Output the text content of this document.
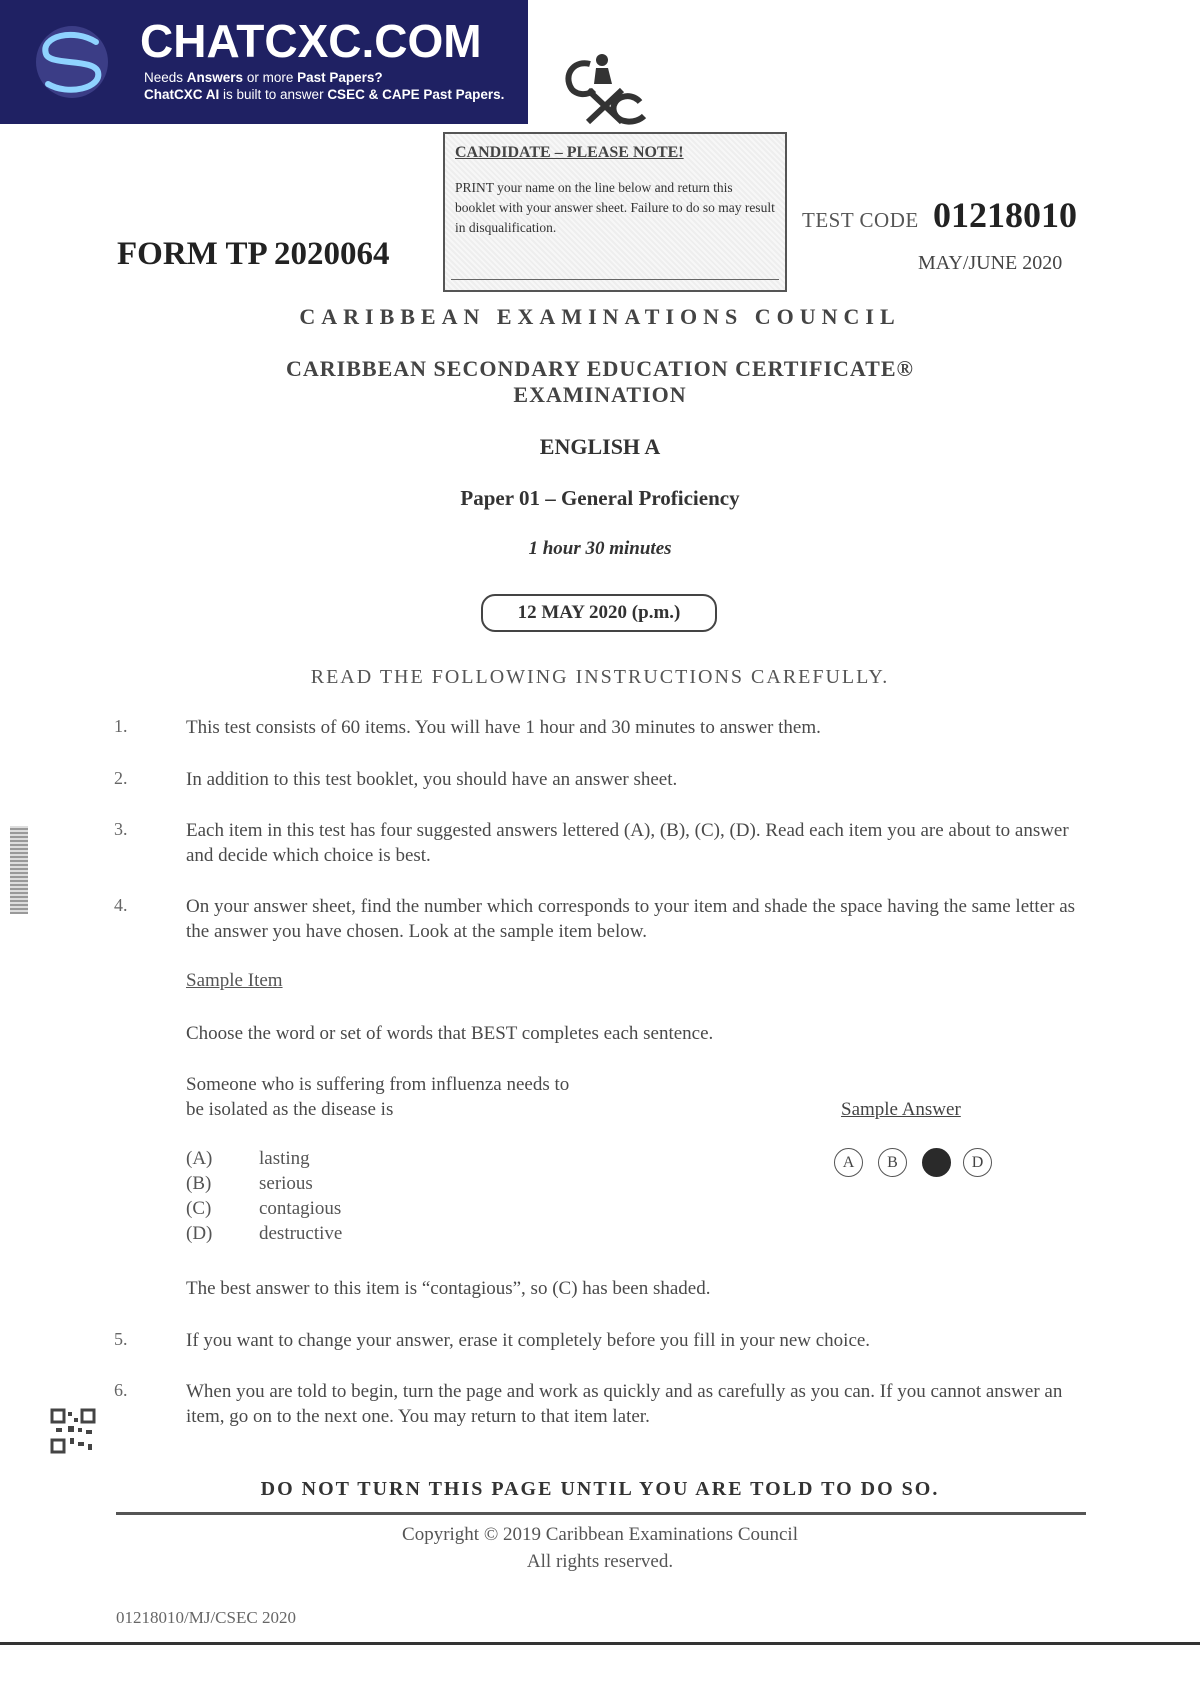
CHATCXC.COM
Needs Answers or more Past Papers?
ChatCXC AI is built to answer CSEC & CAPE Past Papers.
CANDIDATE – PLEASE NOTE!
PRINT your name on the line below and return this booklet with your answer sheet. Failure to do so may result in disqualification.
FORM TP 2020064
TEST CODE 01218010
MAY/JUNE 2020
CARIBBEAN EXAMINATIONS COUNCIL
CARIBBEAN SECONDARY EDUCATION CERTIFICATE®
EXAMINATION
ENGLISH A
Paper 01 – General Proficiency
1 hour 30 minutes
12 MAY 2020 (p.m.)
READ THE FOLLOWING INSTRUCTIONS CAREFULLY.
1.	This test consists of 60 items. You will have 1 hour and 30 minutes to answer them.
2.	In addition to this test booklet, you should have an answer sheet.
3.	Each item in this test has four suggested answers lettered (A), (B), (C), (D). Read each item you are about to answer and decide which choice is best.
4.	On your answer sheet, find the number which corresponds to your item and shade the space having the same letter as the answer you have chosen. Look at the sample item below.
Sample Item
Choose the word or set of words that BEST completes each sentence.
Someone who is suffering from influenza needs to
be isolated as the disease is	Sample Answer
(A) lasting
(B)	serious
(C)	contagious
(D) destructive
A	B	D
The best answer to this item is “contagious”, so (C) has been shaded.
5.	If you want to change your answer, erase it completely before you fill in your new choice.
6.	When you are told to begin, turn the page and work as quickly and as carefully as you can. If you cannot answer an item, go on to the next one. You may return to that item later.
DO NOT TURN THIS PAGE UNTIL YOU ARE TOLD TO DO SO.
Copyright © 2019 Caribbean Examinations Council
All rights reserved.
01218010/MJ/CSEC 2020
